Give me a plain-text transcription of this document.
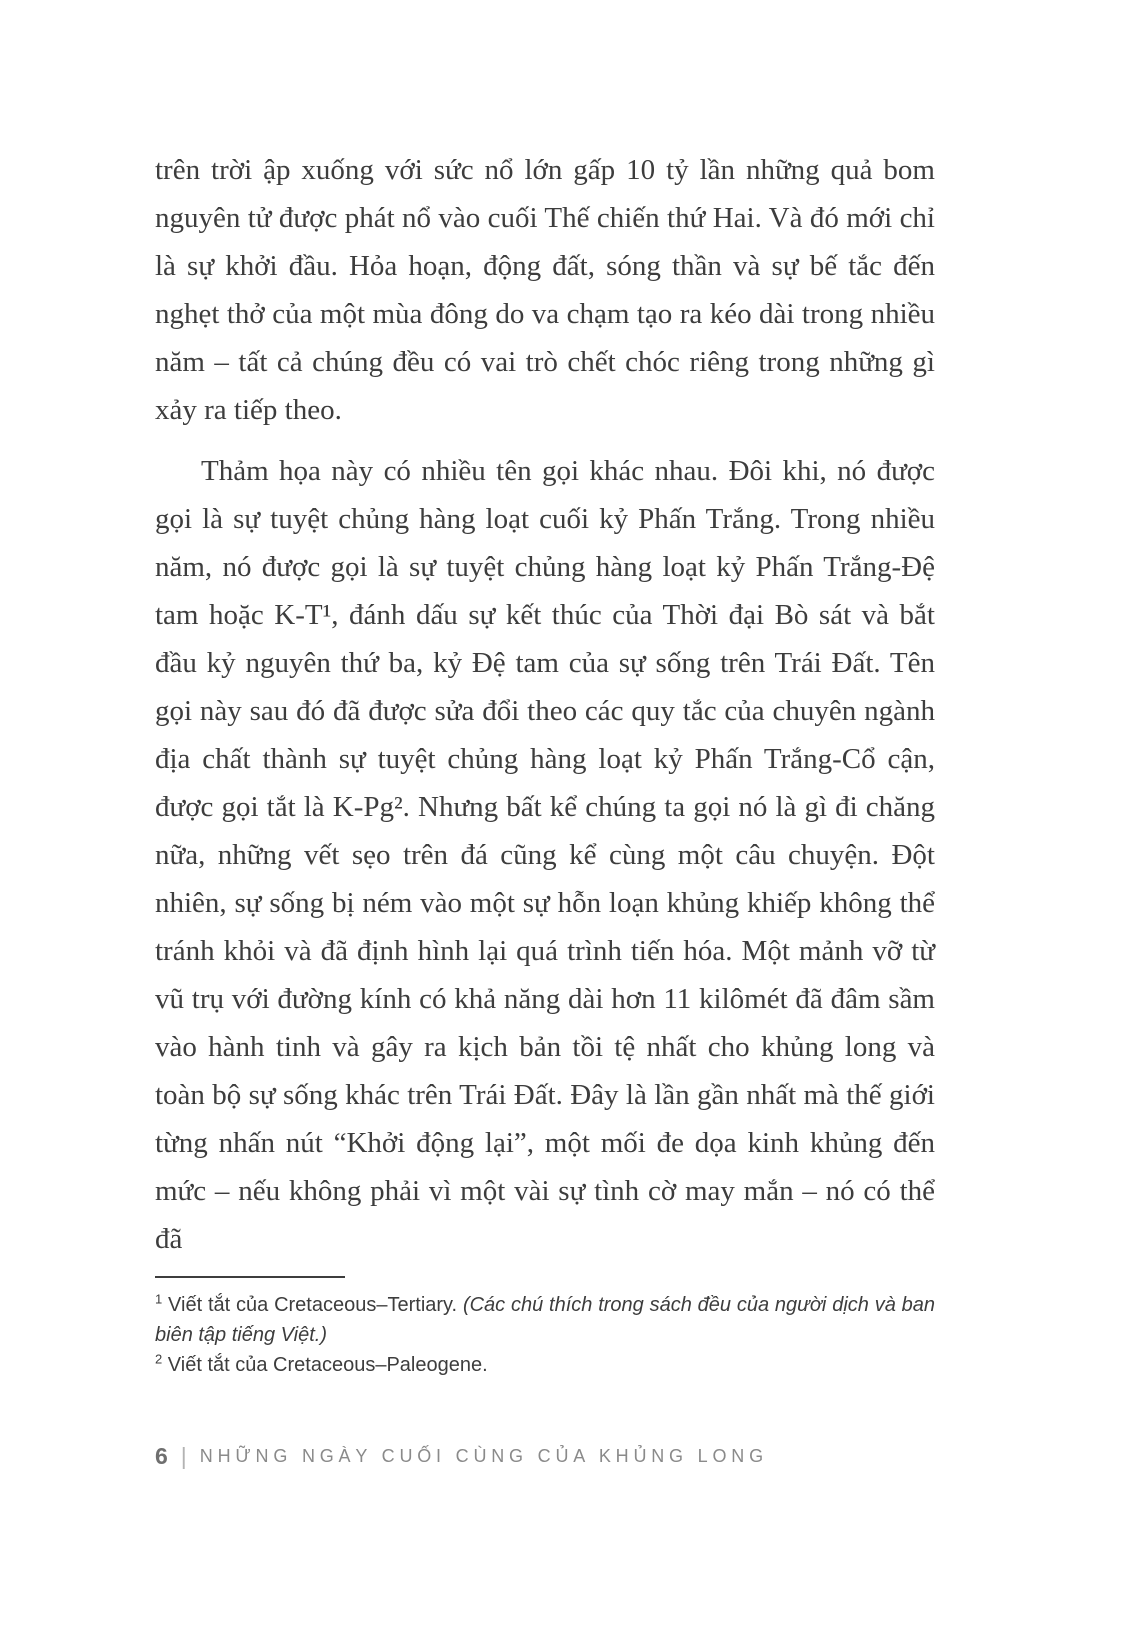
trên trời ập xuống với sức nổ lớn gấp 10 tỷ lần những quả bom nguyên tử được phát nổ vào cuối Thế chiến thứ Hai. Và đó mới chỉ là sự khởi đầu. Hỏa hoạn, động đất, sóng thần và sự bế tắc đến nghẹt thở của một mùa đông do va chạm tạo ra kéo dài trong nhiều năm – tất cả chúng đều có vai trò chết chóc riêng trong những gì xảy ra tiếp theo.

Thảm họa này có nhiều tên gọi khác nhau. Đôi khi, nó được gọi là sự tuyệt chủng hàng loạt cuối kỷ Phấn Trắng. Trong nhiều năm, nó được gọi là sự tuyệt chủng hàng loạt kỷ Phấn Trắng-Đệ tam hoặc K-T¹, đánh dấu sự kết thúc của Thời đại Bò sát và bắt đầu kỷ nguyên thứ ba, kỷ Đệ tam của sự sống trên Trái Đất. Tên gọi này sau đó đã được sửa đổi theo các quy tắc của chuyên ngành địa chất thành sự tuyệt chủng hàng loạt kỷ Phấn Trắng-Cổ cận, được gọi tắt là K-Pg². Nhưng bất kể chúng ta gọi nó là gì đi chăng nữa, những vết sẹo trên đá cũng kể cùng một câu chuyện. Đột nhiên, sự sống bị ném vào một sự hỗn loạn khủng khiếp không thể tránh khỏi và đã định hình lại quá trình tiến hóa. Một mảnh vỡ từ vũ trụ với đường kính có khả năng dài hơn 11 kilômét đã đâm sầm vào hành tinh và gây ra kịch bản tồi tệ nhất cho khủng long và toàn bộ sự sống khác trên Trái Đất. Đây là lần gần nhất mà thế giới từng nhấn nút “Khởi động lại”, một mối đe dọa kinh khủng đến mức – nếu không phải vì một vài sự tình cờ may mắn – nó có thể đã

$^1$ Viết tắt của Cretaceous–Tertiary. (Các chú thích trong sách đều của người dịch và ban biên tập tiếng Việt.)
$^2$ Viết tắt của Cretaceous–Paleogene.
6 | NHỮNG NGÀY CUỐI CÙNG CỦA KHỦNG LONG
